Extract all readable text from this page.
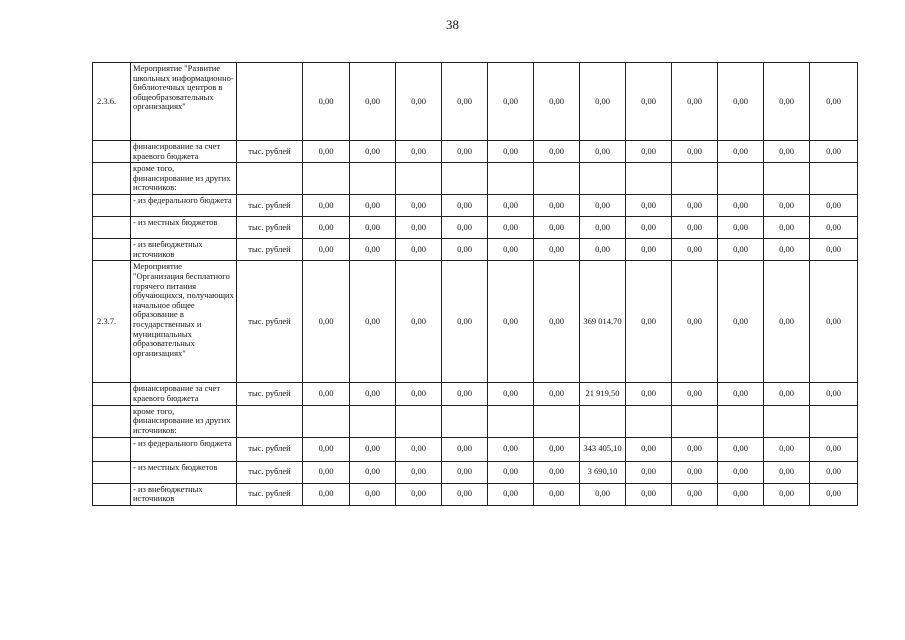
38
2.3.6.	Мероприятие "Развитие школьных информационно-библиотечных центров в общеобразовательных организациях"		0,00	0,00	0,00	0,00	0,00	0,00	0,00	0,00	0,00	0,00	0,00	0,00
	финансирование за счет краевого бюджета	тыс. рублей	0,00	0,00	0,00	0,00	0,00	0,00	0,00	0,00	0,00	0,00	0,00	0,00
	кроме того, финансирование из других источников:													
	- из федерального бюджета	тыс. рублей	0,00	0,00	0,00	0,00	0,00	0,00	0,00	0,00	0,00	0,00	0,00	0,00
	- из местных бюджетов	тыс. рублей	0,00	0,00	0,00	0,00	0,00	0,00	0,00	0,00	0,00	0,00	0,00	0,00
	- из внебюджетных источников	тыс. рублей	0,00	0,00	0,00	0,00	0,00	0,00	0,00	0,00	0,00	0,00	0,00	0,00
2.3.7.	Мероприятие "Организация бесплатного горячего питания обучающихся, получающих начальное общее образование в государственных и муниципальных образовательных организациях"	тыс. рублей	0,00	0,00	0,00	0,00	0,00	0,00	369 014,70	0,00	0,00	0,00	0,00	0,00
	финансирование за счет краевого бюджета	тыс. рублей	0,00	0,00	0,00	0,00	0,00	0,00	21 919,50	0,00	0,00	0,00	0,00	0,00
	кроме того, финансирование из других источников:													
	- из федерального бюджета	тыс. рублей	0,00	0,00	0,00	0,00	0,00	0,00	343 405,10	0,00	0,00	0,00	0,00	0,00
	- из местных бюджетов	тыс. рублей	0,00	0,00	0,00	0,00	0,00	0,00	3 690,10	0,00	0,00	0,00	0,00	0,00
	- из внебюджетных источников	тыс. рублей	0,00	0,00	0,00	0,00	0,00	0,00	0,00	0,00	0,00	0,00	0,00	0,00
